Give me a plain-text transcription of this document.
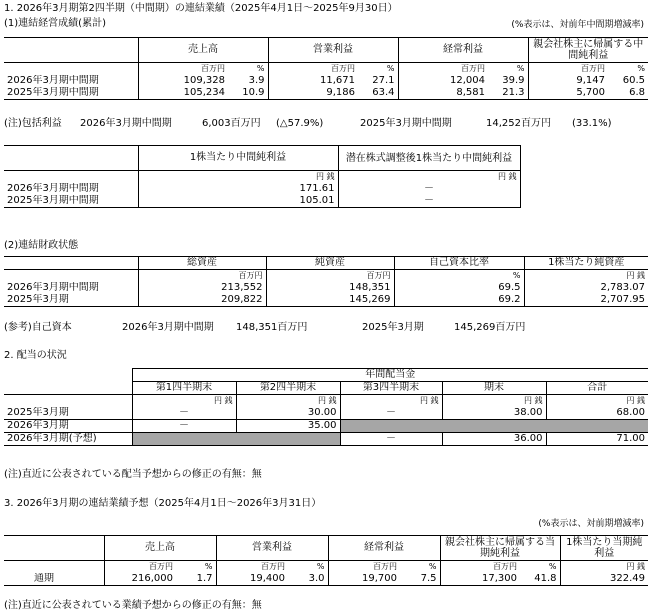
1. 2026年3月期第2四半期（中間期）の連結業績（2025年4月1日～2025年9月30日）
(1)連結経営成績(累計)	(%表示は、対前年中間期増減率)
	売上高		営業利益		経常利益		親会社株主に帰属する中間純利益	
	百万円	%	百万円	%	百万円	%	百万円	%
2026年3月期中間期	109,328	3.9	11,671	27.1	12,004	39.9	9,147	60.5
2025年3月期中間期	105,234	10.9	9,186	63.4	8,581	21.3	5,700	6.8
(注)包括利益 2026年3月期中間期	6,003百万円 (△57.9%)	2025年3月期中間期	14,252百万円 (33.1%)
	1株当たり中間純利益	潜在株式調整後1株当たり中間純利益
	円 銭	円 銭
2026年3月期中間期	171.61	－
2025年3月期中間期	105.01	－
(2)連結財政状態
	総資産	純資産	自己資本比率	1株当たり純資産
	百万円	百万円	%	円 銭
2026年3月期中間期	213,552	148,351	69.5	2,783.07
2025年3月期	209,822	145,269	69.2	2,707.95
(参考)自己資本	2026年3月期中間期 148,351百万円	2025年3月期	145,269百万円
2. 配当の状況
	年間配当金				
	第1四半期末	第2四半期末	第3四半期末	期末	合計
	円 銭	円 銭	円 銭	円 銭	円 銭
2025年3月期	－	30.00	－	38.00	68.00
2026年3月期	－	35.00			
2026年3月期(予想)			－	36.00	71.00
(注)直近に公表されている配当予想からの修正の有無：無
3. 2026年3月期の連結業績予想（2025年4月1日～2026年3月31日）
(%表示は、対前期増減率)
	売上高		営業利益		経常利益		親会社株主に帰属する当期純利益		1株当たり当期純利益
	百万円	%	百万円	%	百万円	%	百万円	%	円 銭
通期	216,000	1.7	19,400	3.0	19,700	7.5	17,300	41.8	322.49
(注)直近に公表されている業績予想からの修正の有無：無
